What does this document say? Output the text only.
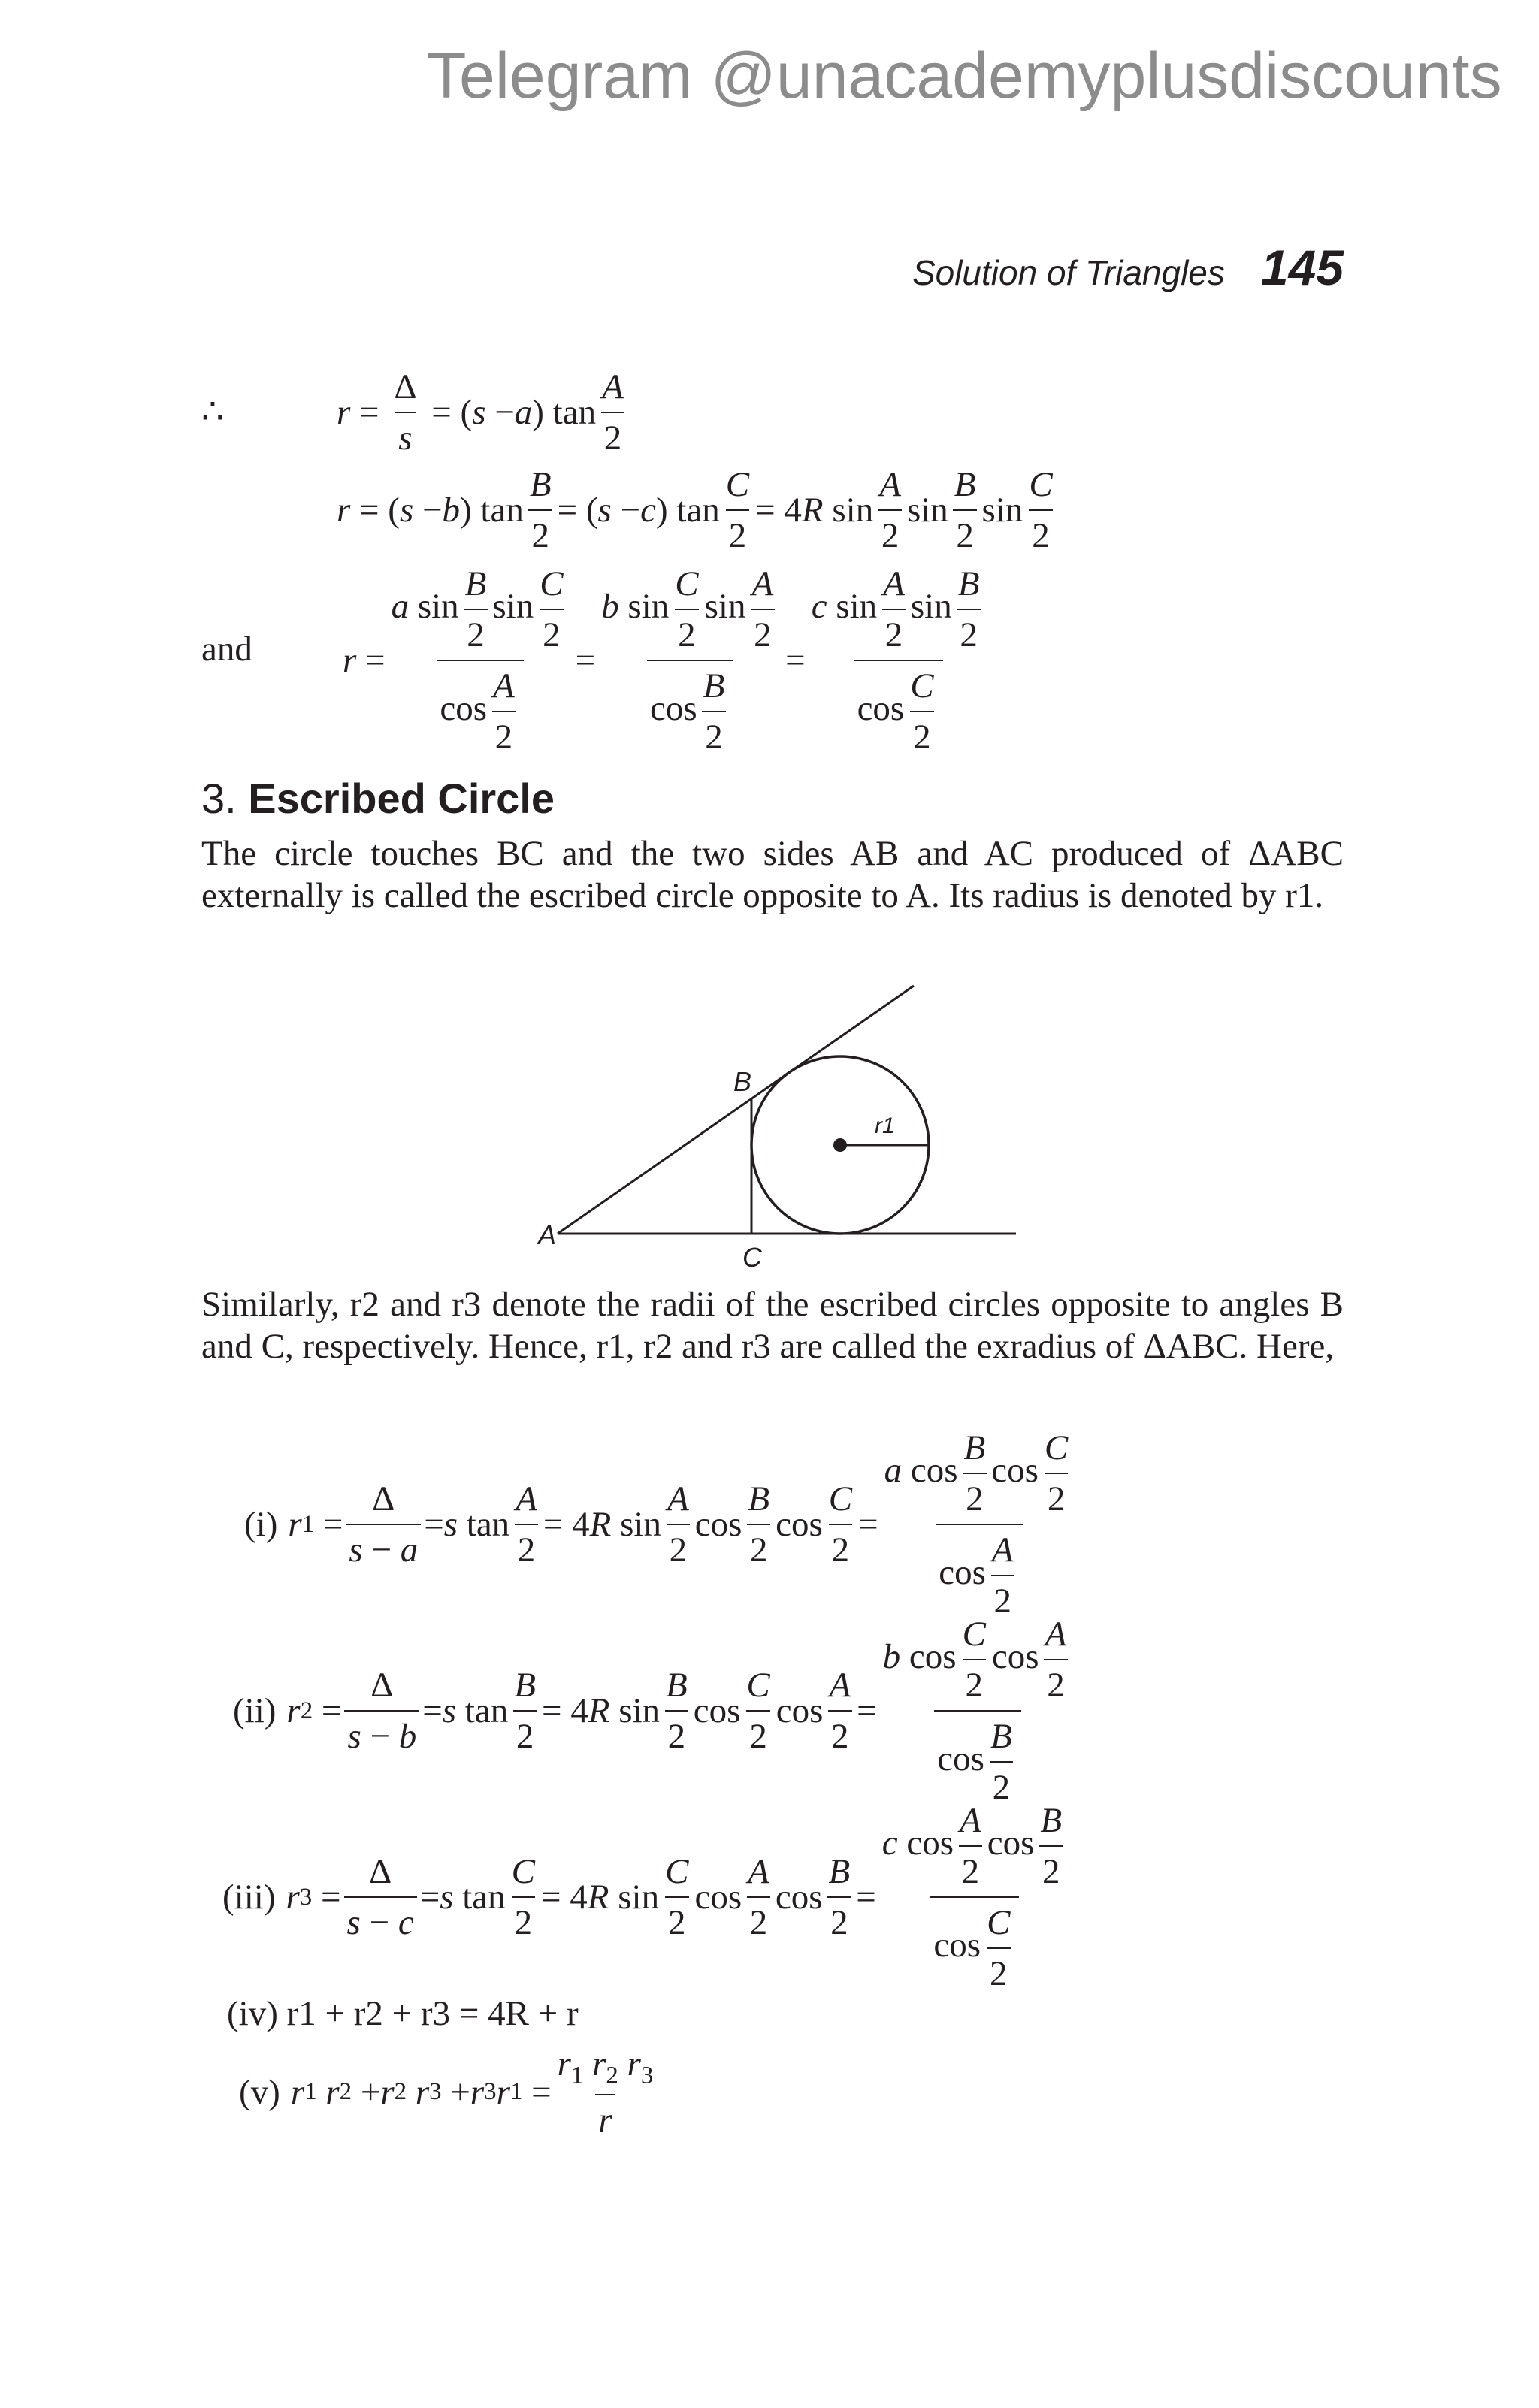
Telegram @unacademyplusdiscounts
Solution of Triangles 145
∴	$r = \frac{\Delta}{s}$ = ( s − a ) $\tan \frac{A}{2}$
r = ( s − b ) $\tan \frac{B}{2}$ = ( s − c ) $\tan \frac{C}{2} = 4$ R $\sin \frac{A}{2}$ $\sin \frac{B}{2}$ $\sin \frac{C}{2}$
and	$r = \frac{a \sin \frac{B}{2} \sin \frac{C}{2}}{\cos \frac{A}{2}} = \frac{b \sin \frac{C}{2} \sin \frac{A}{2}}{\cos \frac{B}{2}} = \frac{c \sin \frac{A}{2} \sin \frac{B}{2}}{\cos \frac{C}{2}}$
3. Escribed Circle
The circle touches BC and the two sides AB and AC produced of ΔABC externally is called the escribed circle opposite to A. Its radius is denoted by r1.
A
B
C
r1
Similarly, r2 and r3 denote the radii of the escribed circles opposite to angles B and C, respectively. Hence, r1, r2 and r3 are called the exradius of ΔABC. Here,
(i) r $1 = \frac{\Delta}{s - a} = s$ $\tan \frac{A}{2} = 4$ R $\sin \frac{A}{2}$ $\cos \frac{B}{2}$ $\cos \frac{C}{2} = \frac{a \cos \frac{B}{2} \cos \frac{C}{2}}{\cos \frac{A}{2}}$
(ii) r $2 = \frac{\Delta}{s - b} = s$ $\tan \frac{B}{2} = 4$ R $\sin \frac{B}{2}$ $\cos \frac{C}{2}$ $\cos \frac{A}{2} = \frac{b \cos \frac{C}{2} \cos \frac{A}{2}}{\cos \frac{B}{2}}$
(iii) r $3 = \frac{\Delta}{s - c} = s$ $\tan \frac{C}{2} = 4$ R $\sin \frac{C}{2}$ $\cos \frac{A}{2}$ $\cos \frac{B}{2} = \frac{c \cos \frac{A}{2} \cos \frac{B}{2}}{\cos \frac{C}{2}}$
(iv) r1 + r2 + r3 = 4R + r
(v) r 1
r 2 + r 2
r 3 + r 3 r $1 = \frac{r_1 r_2 r_3}{r}$
